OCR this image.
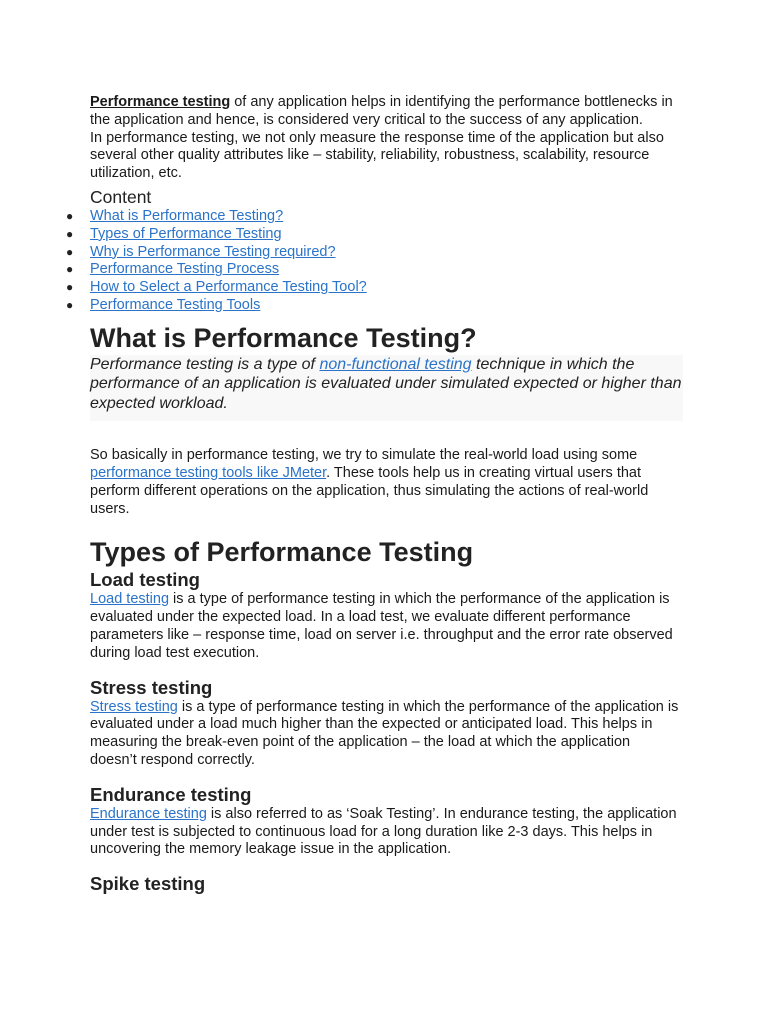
Performance testing of any application helps in identifying the performance bottlenecks in the application and hence, is considered very critical to the success of any application.

In performance testing, we not only measure the response time of the application but also several other quality attributes like – stability, reliability, robustness, scalability, resource utilization, etc.

Content
● What is Performance Testing?
● Types of Performance Testing
● Why is Performance Testing required?
● Performance Testing Process
● How to Select a Performance Testing Tool?
● Performance Testing Tools
What is Performance Testing?

Performance testing is a type of non-functional testing technique in which the performance of an application is evaluated under simulated expected or higher than expected workload.

So basically in performance testing, we try to simulate the real-world load using some performance testing tools like JMeter. These tools help us in creating virtual users that perform different operations on the application, thus simulating the actions of real-world users.

Types of Performance Testing
Load testing

Load testing is a type of performance testing in which the performance of the application is evaluated under the expected load. In a load test, we evaluate different performance parameters like – response time, load on server i.e. throughput and the error rate observed during load test execution.

Stress testing

Stress testing is a type of performance testing in which the performance of the application is evaluated under a load much higher than the expected or anticipated load. This helps in measuring the break-even point of the application – the load at which the application doesn’t respond correctly.

Endurance testing

Endurance testing is also referred to as ‘Soak Testing’. In endurance testing, the application under test is subjected to continuous load for a long duration like 2-3 days. This helps in uncovering the memory leakage issue in the application.

Spike testing
